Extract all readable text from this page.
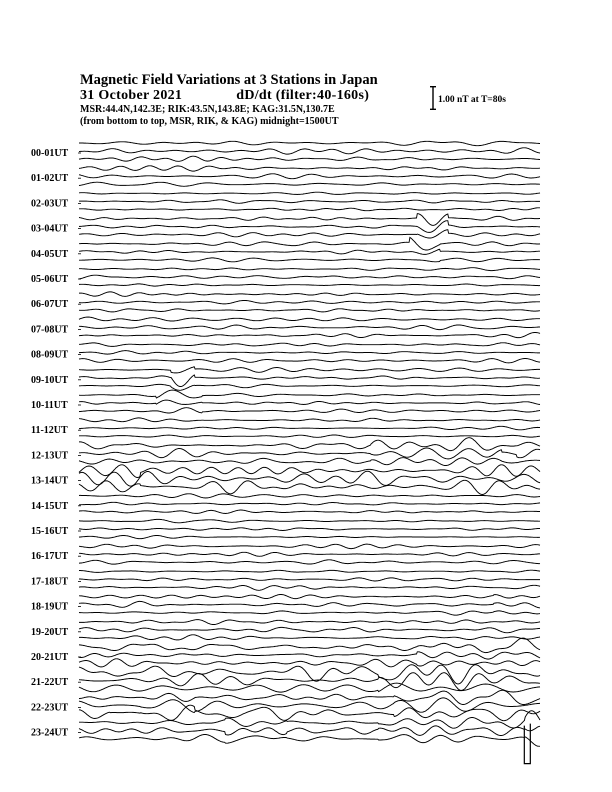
Magnetic Field Variations at 3 Stations in Japan
31 October 2021	dD/dt (filter:40-160s)
MSR:44.4N,142.3E; RIK:43.5N,143.8E; KAG:31.5N,130.7E
(from bottom to top, MSR, RIK, & KAG) midnight=1500UT
1.00 nT at T=80s
00-01UT
01-02UT
02-03UT
03-04UT
04-05UT
05-06UT
06-07UT
07-08UT
08-09UT
09-10UT
10-11UT
11-12UT
12-13UT
13-14UT
14-15UT
15-16UT
16-17UT
17-18UT
18-19UT
19-20UT
20-21UT
21-22UT
22-23UT
23-24UT
